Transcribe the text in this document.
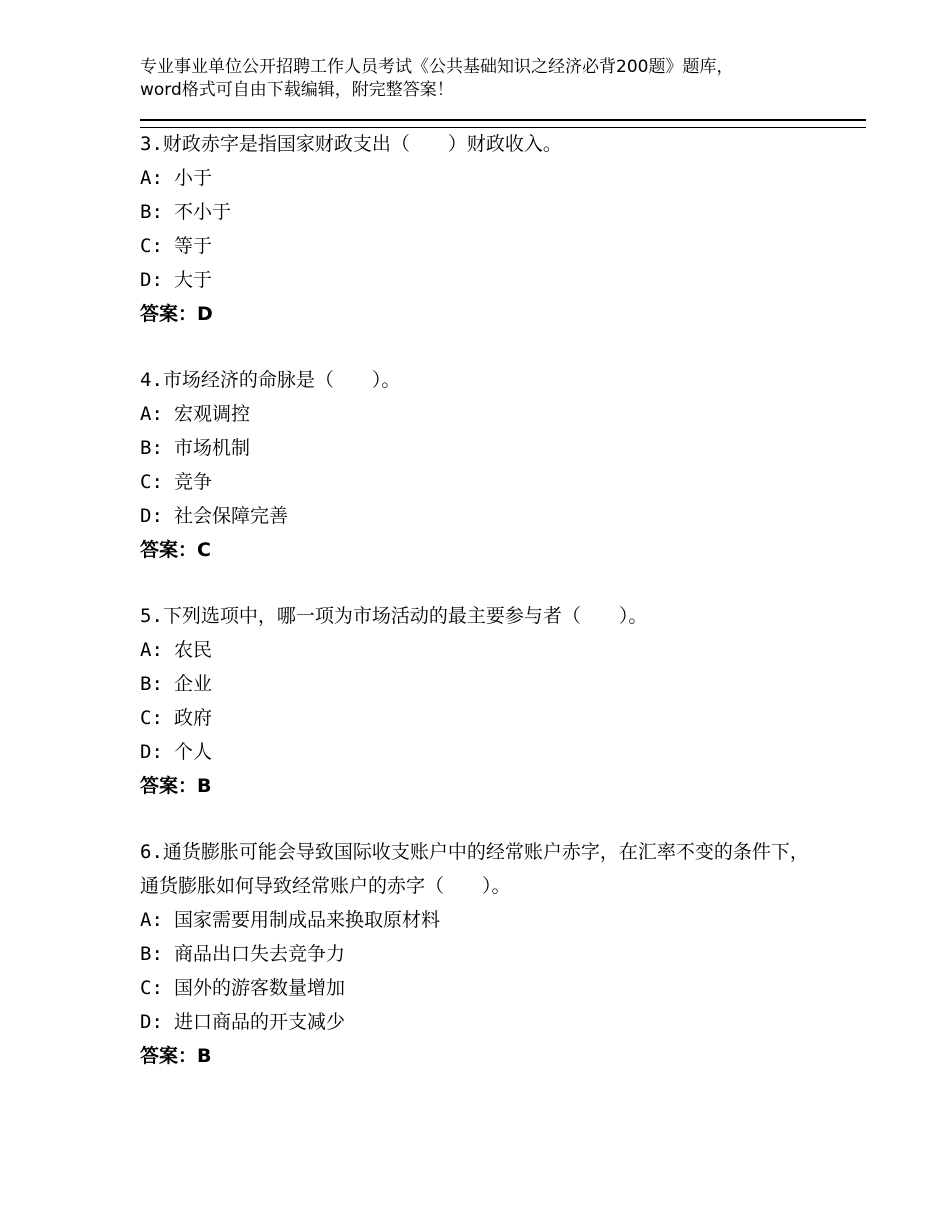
专业事业单位公开招聘工作人员考试《公共基础知识之经济必背200题》题库，word格式可自由下载编辑，附完整答案！
3.财政赤字是指国家财政支出（　　）财政收入。
A: 小于
B: 不小于
C: 等于
D: 大于
答案：D
4.市场经济的命脉是（　　）。
A: 宏观调控
B: 市场机制
C: 竞争
D: 社会保障完善
答案：C
5.下列选项中，哪一项为市场活动的最主要参与者（　　）。
A: 农民
B: 企业
C: 政府
D: 个人
答案：B
6.通货膨胀可能会导致国际收支账户中的经常账户赤字，在汇率不变的条件下，通货膨胀如何导致经常账户的赤字（　　）。
A: 国家需要用制成品来换取原材料
B: 商品出口失去竞争力
C: 国外的游客数量增加
D: 进口商品的开支减少
答案：B
